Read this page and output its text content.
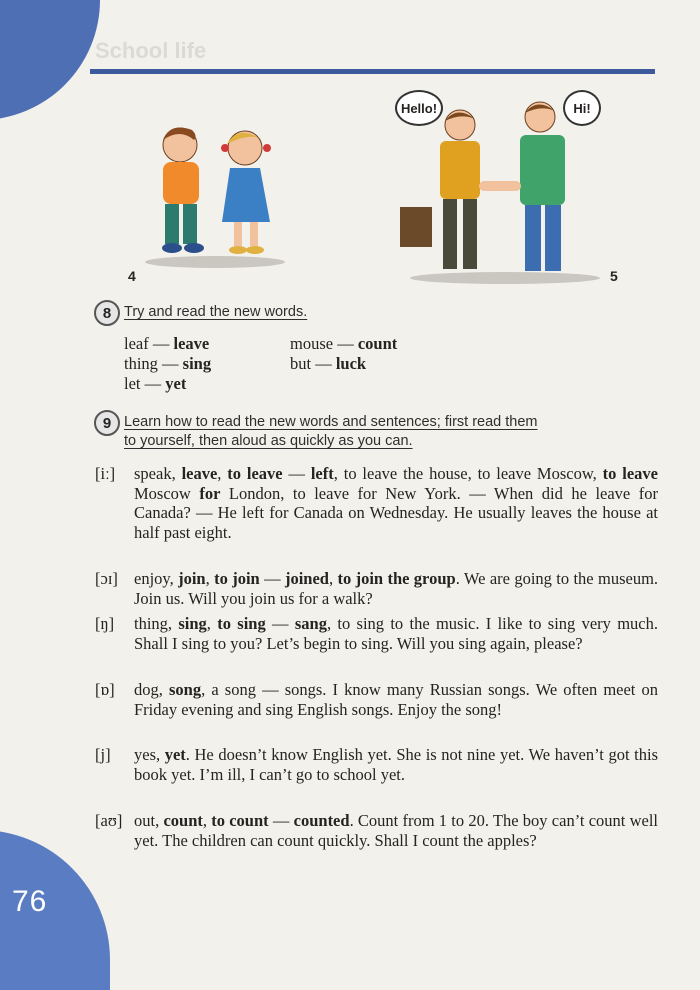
76
School life
4
Hello!	Hi!
5
8 Try and read the new words.
leaf — leave
thing — sing
let — yet
mouse — count
but — luck
9 Learn how to read the new words and sentences; first read them
to yourself, then aloud as quickly as you can.
[iː] speak, leave, to leave — left, to leave the house, to leave Moscow, to leave Moscow for London, to leave for New York. — When did he leave for Canada? — He left for Canada on Wednesday. He usually leaves the house at half past eight.
[ɔɪ] enjoy, join, to join — joined, to join the group. We are going to the museum. Join us. Will you join us for a walk?
[ŋ] thing, sing, to sing — sang, to sing to the music. I like to sing very much. Shall I sing to you? Let’s begin to sing. Will you sing again, please?
[ɒ] dog, song, a song — songs. I know many Russian songs. We often meet on Friday evening and sing English songs. Enjoy the song!
[j] yes, yet. He doesn’t know English yet. She is not nine yet. We haven’t got this book yet. I’m ill, I can’t go to school yet.
[aʊ] out, count, to count — counted. Count from 1 to 20. The boy can’t count well yet. The children can count quickly. Shall I count the apples?
